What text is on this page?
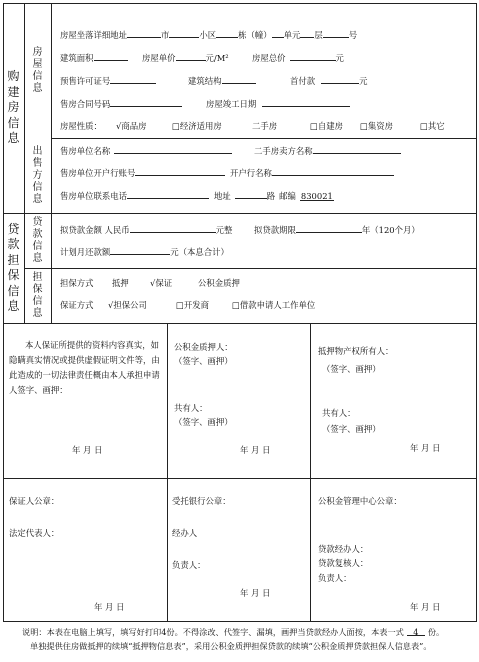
购
建
房
信
息
贷
款
担
保
信
息
房
屋
信
息
出
售
方
信
息
贷
款
信
息
担
保
信
息
房屋坐落详细地址	市	小区	栋（幢） 单元 层	号
建筑面积	房屋单价	元/M²	房屋总价	元
预售许可证号	建筑结构	首付款	元
售房合同号码	房屋竣工日期
房屋性质： √商品房	□经济适用房	二手房	□自建房 □集资房	□其它
售房单位名称	二手房卖方名称
售房单位开户行账号	开户行名称
售房单位联系电话	地址	路 邮编 830021
拟贷款金额 人民币	元整	拟贷款期限	年（120个月）
计划月还款额	元（本息合计）
担保方式 抵押	√保证	公积金质押
保证方式 √担保公司	□开发商	□借款申请人工作单位
本人保证所提供的资料内容真实，如隐瞒真实情况或提供虚假证明文件等，由此造成的一切法律责任概由本人承担申请人签字、画押：
年 月 日
公积金质押人：
（签字、画押）
共有人：
（签字、画押）
年 月 日
抵押物产权所有人：
（签字、画押）
共有人：
（签字、画押）
年 月 日
保证人公章：
法定代表人：
年 月 日
受托银行公章：
经办人
负责人：
年 月 日
公积金管理中心公章：
贷款经办人：
贷款复核人：
负责人：
年 月 日
说明：本表在电脑上填写，填写好打印4份。不得涂改、代签字、漏填，画押当贷款经办人面按，本表一式 4 份。
单独提供住房做抵押的续填“抵押物信息表”，采用公积金质押担保贷款的续填“公积金质押贷款担保人信息表”。
